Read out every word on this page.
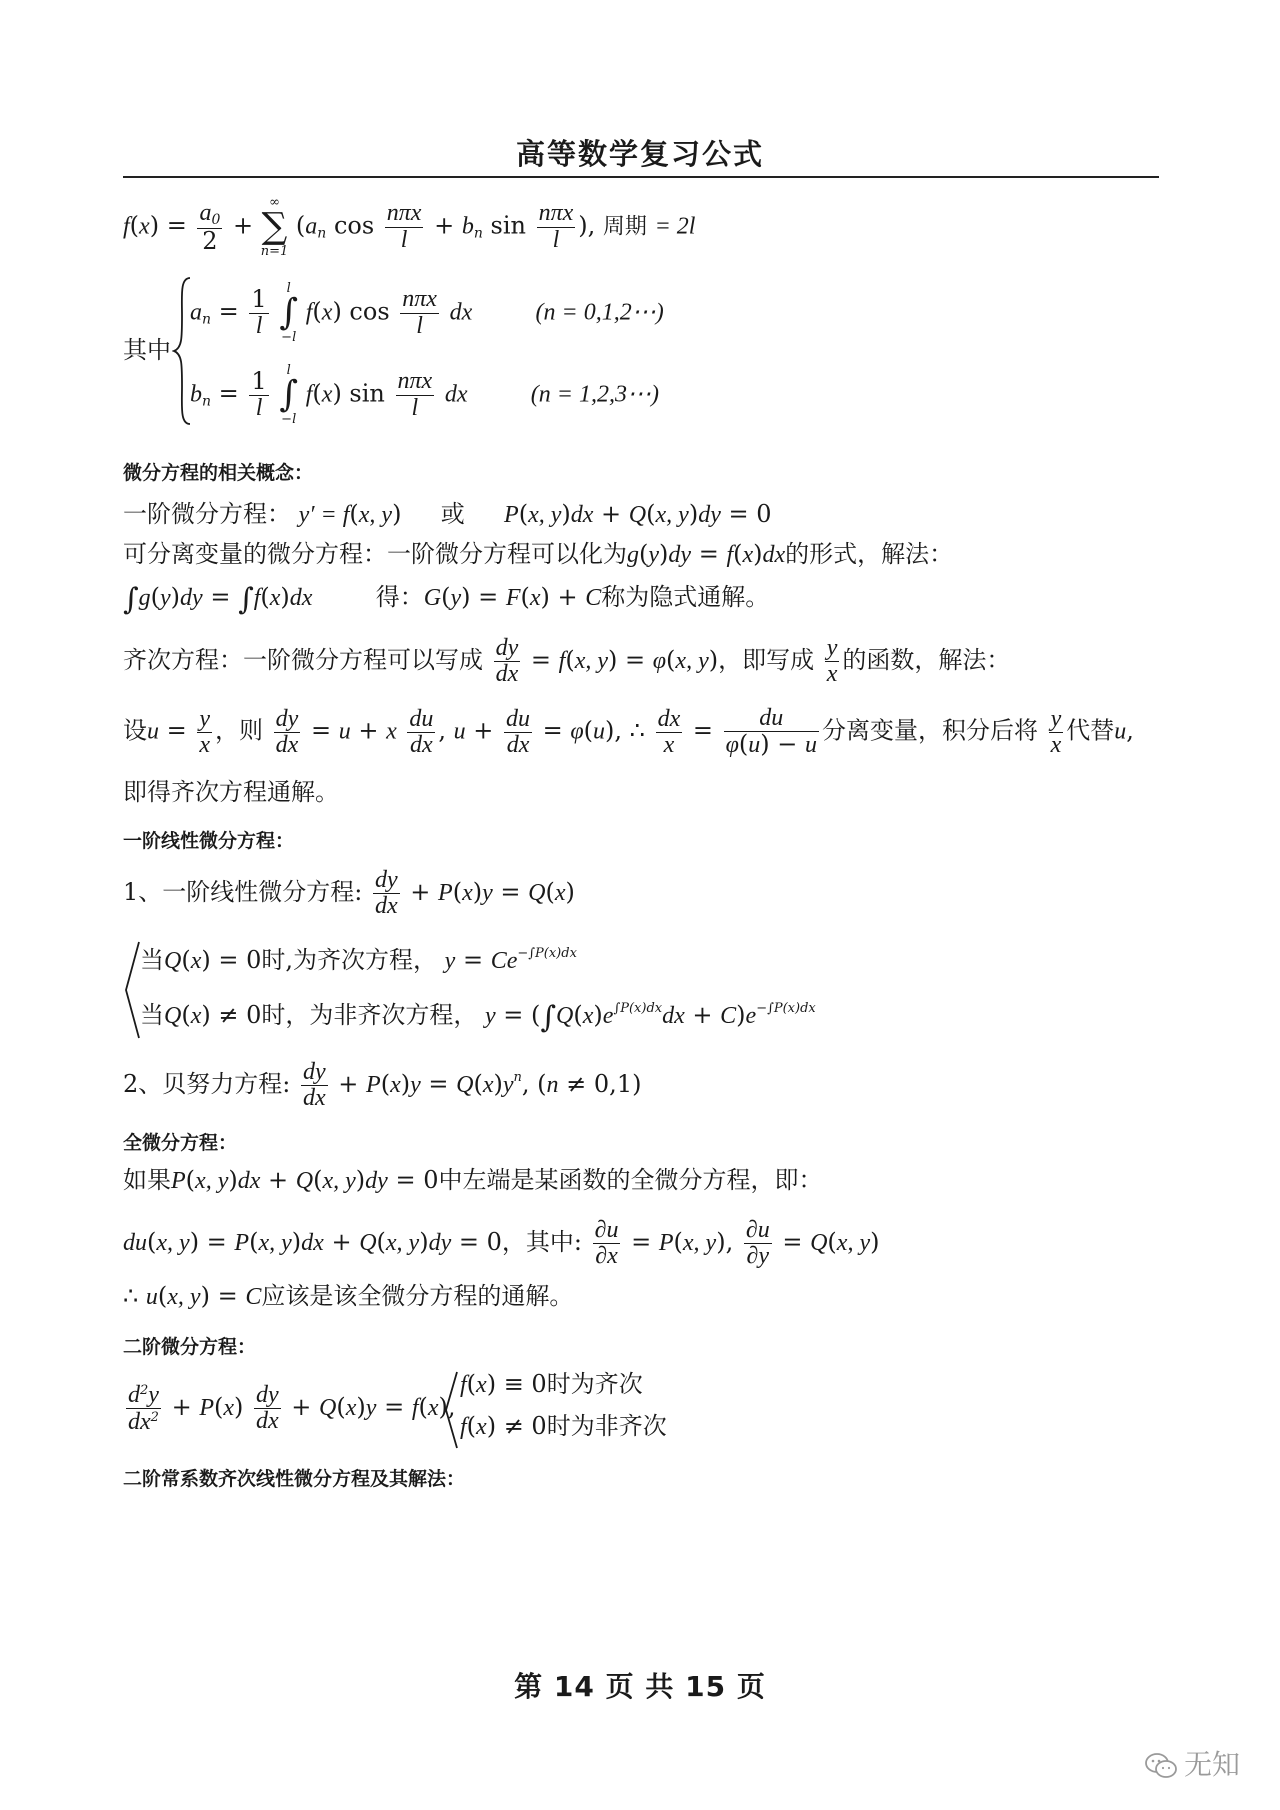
高等数学复习公式
$f(x) = \frac{a_0}{2}$ +
∞
∑
n=1
($a_n$ $\cos \frac{\text{nπx}}{l} + b_n$ $\sin \frac{\text{nπx}}{l}$ ), 周期 = 2l
其中
$a_n = \frac{1}{l}$
	l
∫
−l
f(x) $\cos \frac{\text{nπx}}{l}$ dx	(n = 0,1,2⋯)
$b_n = \frac{1}{l}$
	l
∫
−l
f(x) $\sin \frac{\text{nπx}}{l}$ dx	(n = 1,2,3⋯)
微分方程的相关概念：
一阶微分方程： y′ = f(x, y)  或 P(x, y)dx + Q(x, y)dy = 0
可分离变量的微分方程：一阶微分方程可以化为g(y)dy = f(x)dx的形式，解法：
∫g(y)dy = ∫f(x)dx	得：G(y) = F(x) + C称为隐式通解。
齐次方程：一阶微分方程可以写成 $\frac{dy}{dx} = f(x$, y) = φ(x, y)，即写成 $\frac{y}{x}$ 的函数，解法：
设$u = \frac{y}{x}$ ，则 $\frac{dy}{dx} = u + x \frac{du}{dx}$ , $u + \frac{du}{dx} = \varphi(u)$, ∴ $\frac{dx}{x} = \frac{du}{\varphi(u) - u}$ 分离变量，积分后将 $\frac{y}{x}$ 代替u,
即得齐次方程通解。
一阶线性微分方程：
1、一阶线性微分方程: $\frac{dy}{dx} + P(x)y = Q(x)$
当Q(x) = 0时,为齐次方程， $y = Ce^{-\int P(x)dx}$
当Q(x) ≠ 0时，为非齐次方程， $y = (\int Q(x)e^{\int P(x)dx}dx + C)e^{-\int P(x)dx}$
2、贝努力方程: $\frac{dy}{dx} + P(x)y = Q(x)y^n$, (n ≠ 0,1)
全微分方程：
如果P(x, y)dx + Q(x, y)dy = 0中左端是某函数的全微分方程，即：
du(x, y) = P(x, y)dx + Q(x, y)dy = 0，其中: $\frac{\partial u}{\partial x} = P(x$, y), $\frac{\partial u}{\partial y} = Q(x$, y)
∴ u(x, y) = C应该是该全微分方程的通解。
二阶微分方程：
$\frac{d^2y}{dx^2} + P(x) \frac{dy}{dx} + Q(x)y = f(x)$,
f(x) ≡ 0时为齐次
f(x) ≠ 0时为非齐次
二阶常系数齐次线性微分方程及其解法：
第 14 页 共 15 页
无知
